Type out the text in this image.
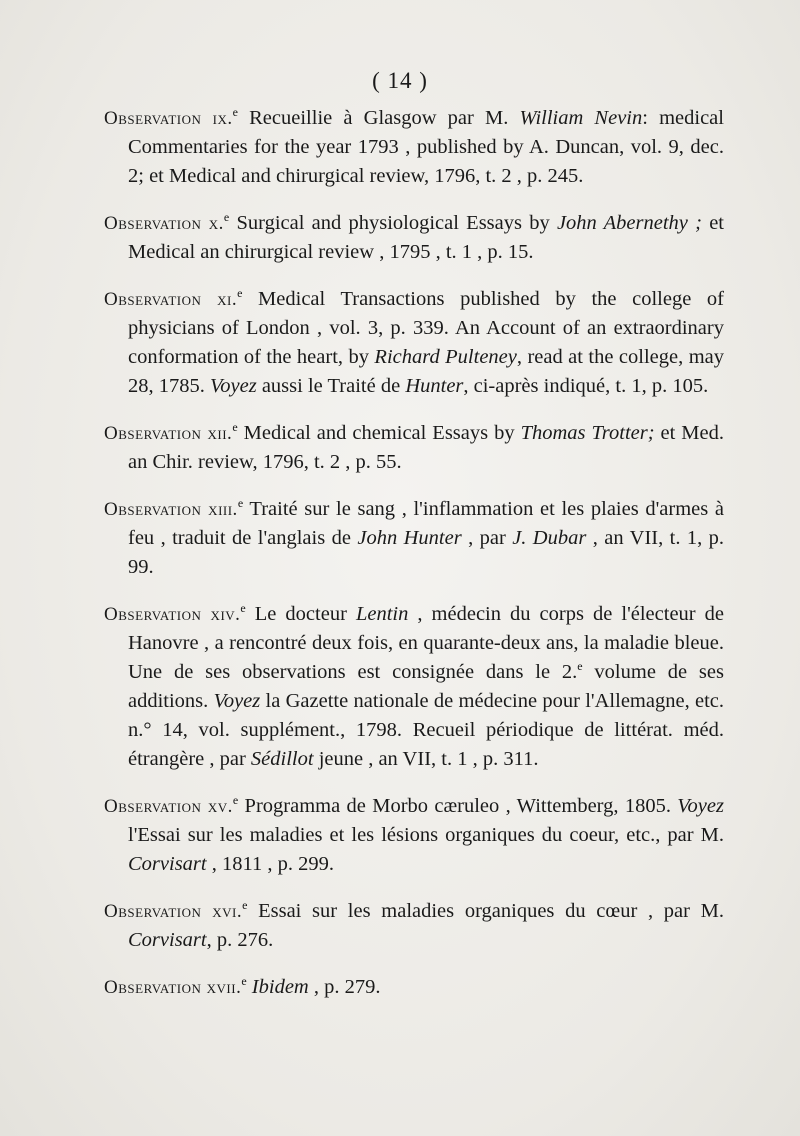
( 14 )

Observation ix.$^e$ Recueillie à Glasgow par M. William Nevin: medical Commentaries for the year 1793 , published by A. Duncan, vol. 9, dec. 2; et Medical and chirurgical review, 1796, t. 2 , p. 245.

Observation x.$^e$ Surgical and physiological Essays by John Abernethy ; et Medical an chirurgical review , 1795 , t. 1 , p. 15.

Observation xi.$^e$ Medical Transactions published by the college of physicians of London , vol. 3, p. 339. An Account of an extraordinary conformation of the heart, by Richard Pulteney, read at the college, may 28, 1785. Voyez aussi le Traité de Hunter, ci-après indiqué, t. 1, p. 105.

Observation xii.$^e$ Medical and chemical Essays by Thomas Trotter; et Med. an Chir. review, 1796, t. 2 , p. 55.

Observation xiii.$^e$ Traité sur le sang , l'inflammation et les plaies d'armes à feu , traduit de l'anglais de John Hunter , par J. Dubar , an VII, t. 1, p. 99.

Observation xiv.$^e$ Le docteur Lentin , médecin du corps de l'électeur de Hanovre , a rencontré deux fois, en quarante-deux ans, la maladie bleue. Une de ses observations est consignée dans le 2.$^e$ volume de ses additions. Voyez la Gazette nationale de médecine pour l'Allemagne, etc. n.° 14, vol. supplément., 1798. Recueil périodique de littérat. méd. étrangère , par Sédillot jeune , an VII, t. 1 , p. 311.

Observation xv.$^e$ Programma de Morbo cæruleo , Wittemberg, 1805. Voyez l'Essai sur les maladies et les lésions organiques du coeur, etc., par M. Corvisart , 1811 , p. 299.

Observation xvi.$^e$ Essai sur les maladies organiques du cœur , par M. Corvisart, p. 276.

Observation xvii.$^e$ Ibidem , p. 279.
